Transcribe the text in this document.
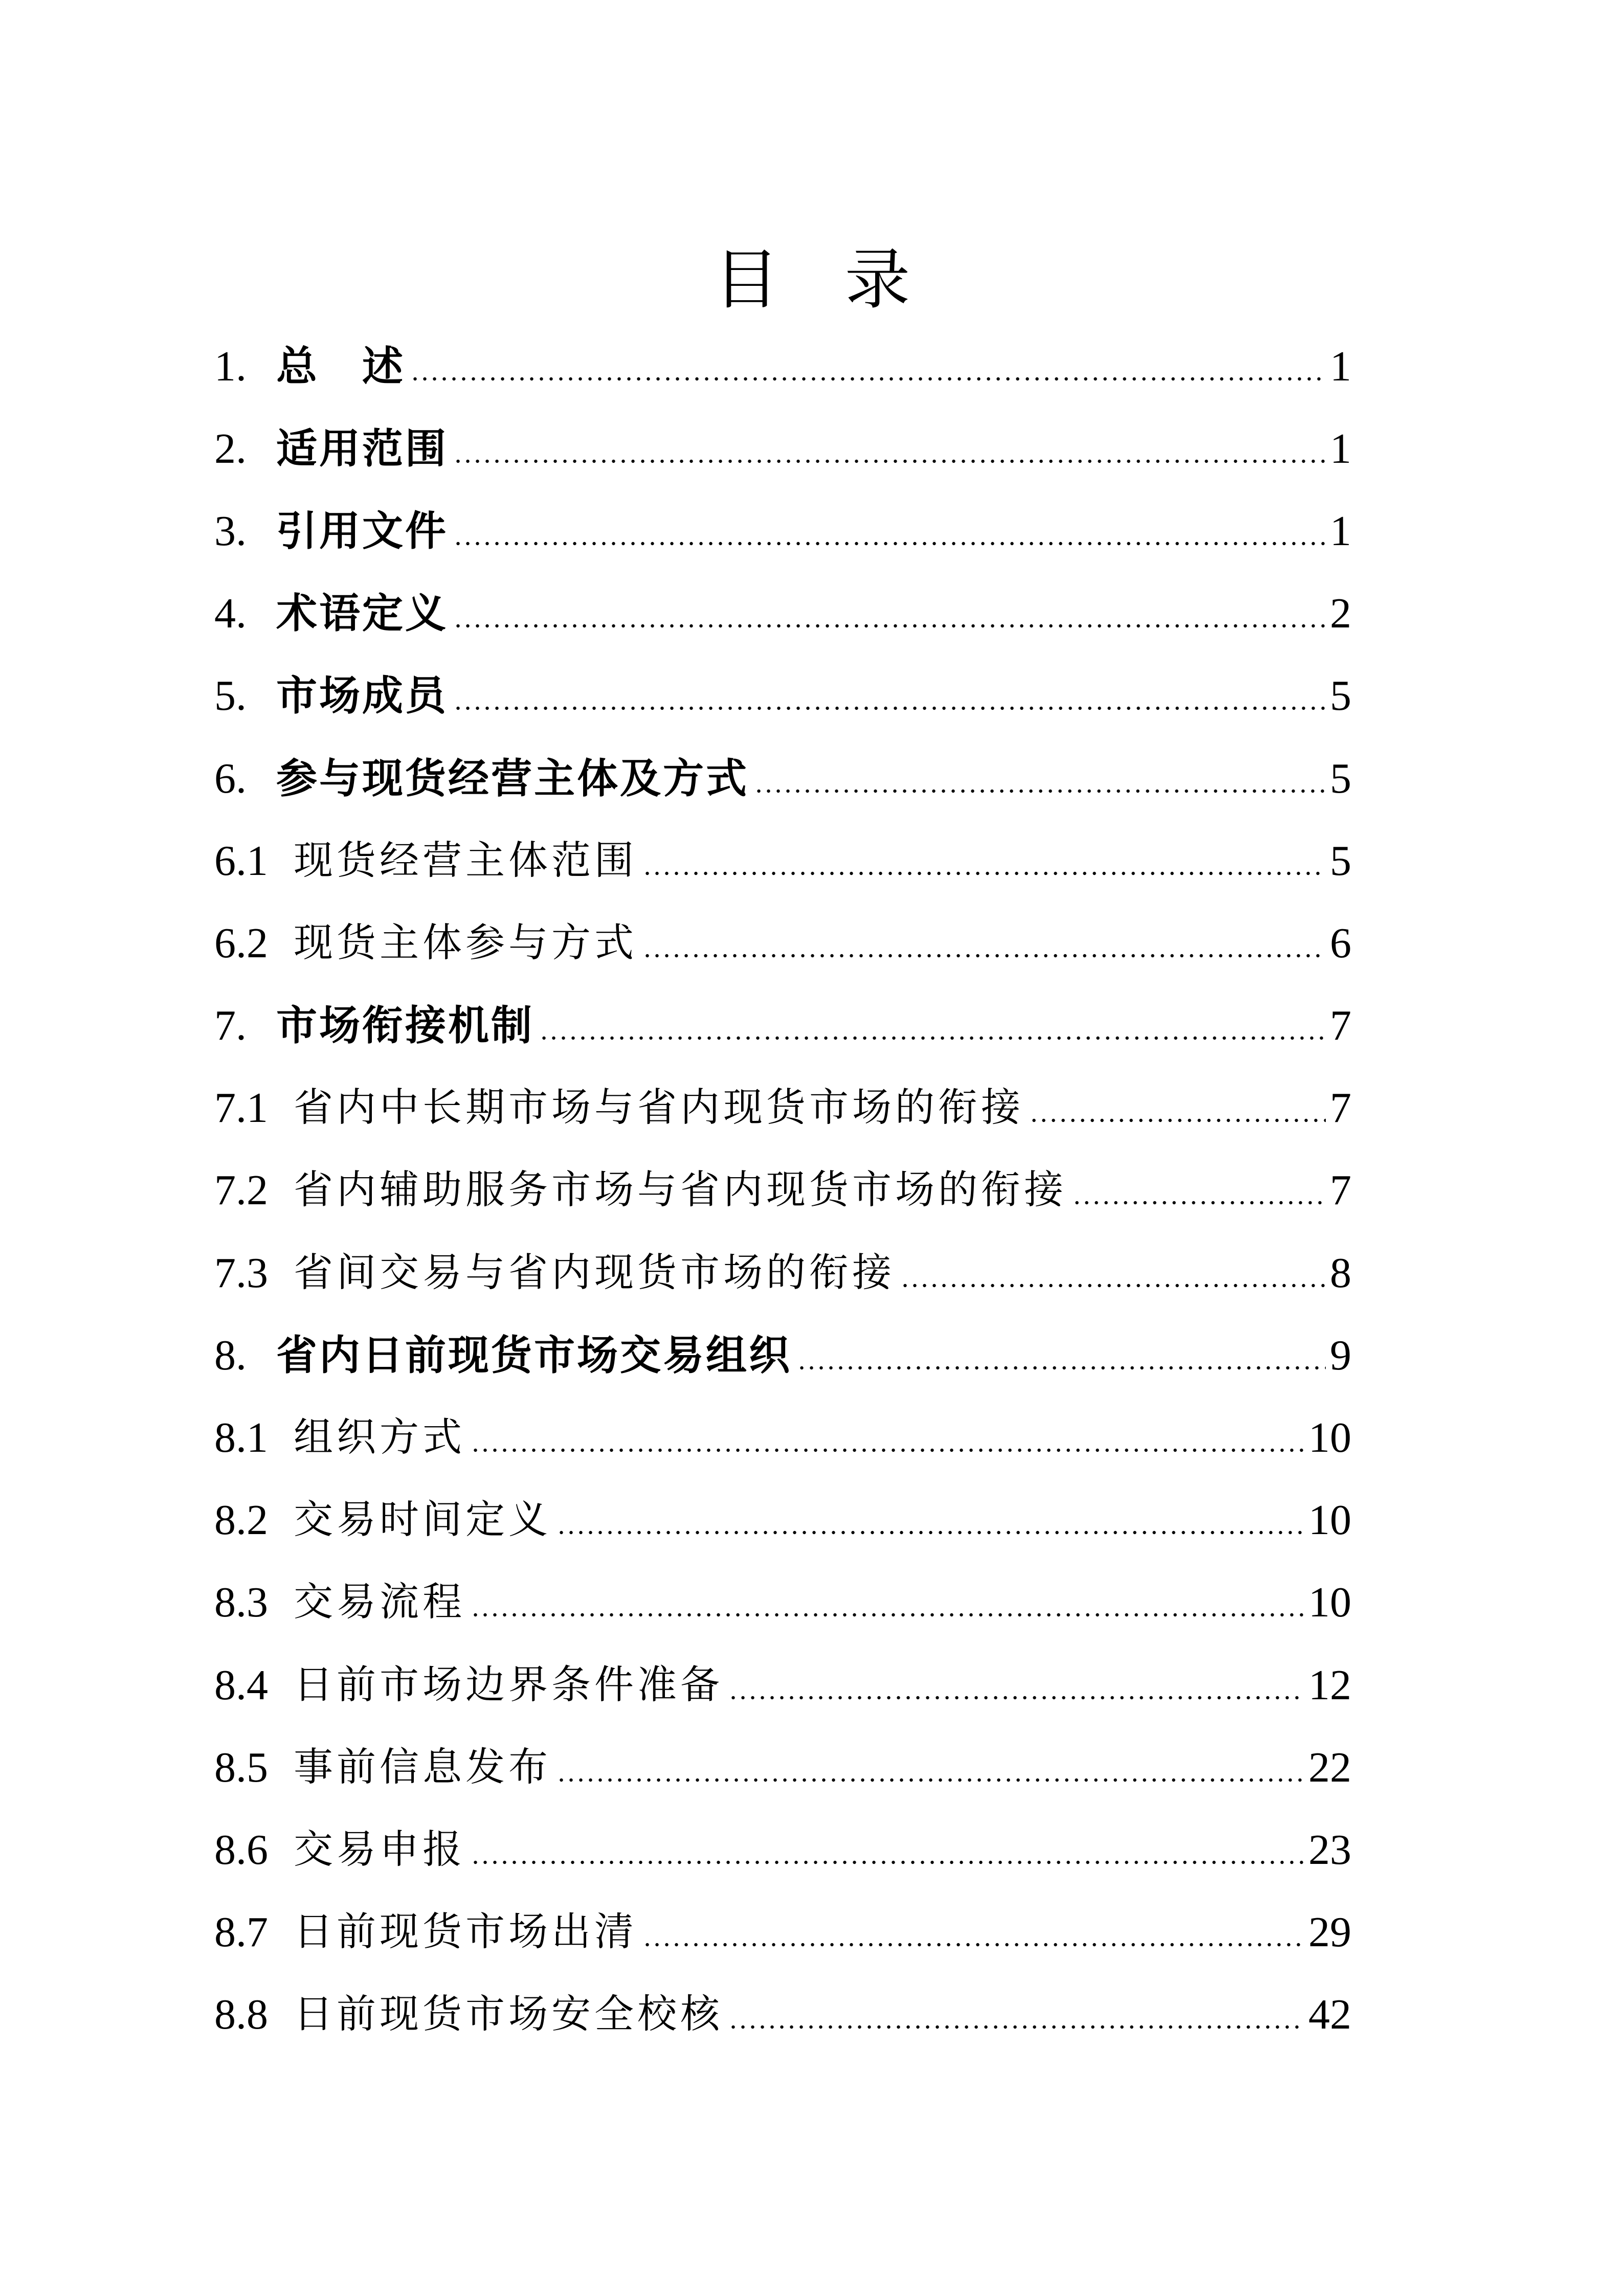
目　录
1. 总　述	1
2. 适用范围	1
3. 引用文件	1
4. 术语定义	2
5. 市场成员	5
6. 参与现货经营主体及方式	5
6.1 现货经营主体范围	5
6.2 现货主体参与方式	6
7. 市场衔接机制	7
7.1 省内中长期市场与省内现货市场的衔接	7
7.2 省内辅助服务市场与省内现货市场的衔接	7
7.3 省间交易与省内现货市场的衔接	8
8. 省内日前现货市场交易组织	9
8.1 组织方式	10
8.2 交易时间定义	10
8.3 交易流程	10
8.4 日前市场边界条件准备	12
8.5 事前信息发布	22
8.6 交易申报	23
8.7 日前现货市场出清	29
8.8 日前现货市场安全校核	42
